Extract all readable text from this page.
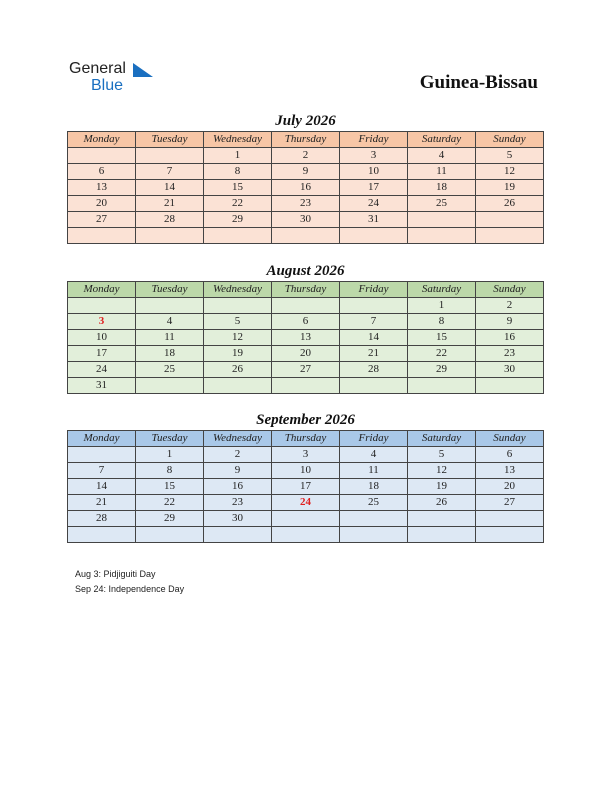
General
Blue	Guinea-Bissau
July 2026
Monday	Tuesday	Wednesday	Thursday	Friday	Saturday	Sunday
		1	2	3	4	5
6	7	8	9	10	11	12
13	14	15	16	17	18	19
20	21	22	23	24	25	26
27	28	29	30	31		

August 2026
Monday	Tuesday	Wednesday	Thursday	Friday	Saturday	Sunday
					1	2
3	4	5	6	7	8	9
10	11	12	13	14	15	16
17	18	19	20	21	22	23
24	25	26	27	28	29	30
31						
September 2026
Monday	Tuesday	Wednesday	Thursday	Friday	Saturday	Sunday
	1	2	3	4	5	6
7	8	9	10	11	12	13
14	15	16	17	18	19	20
21	22	23	24	25	26	27
28	29	30				

Aug 3: Pidjiguiti Day
Sep 24: Independence Day
